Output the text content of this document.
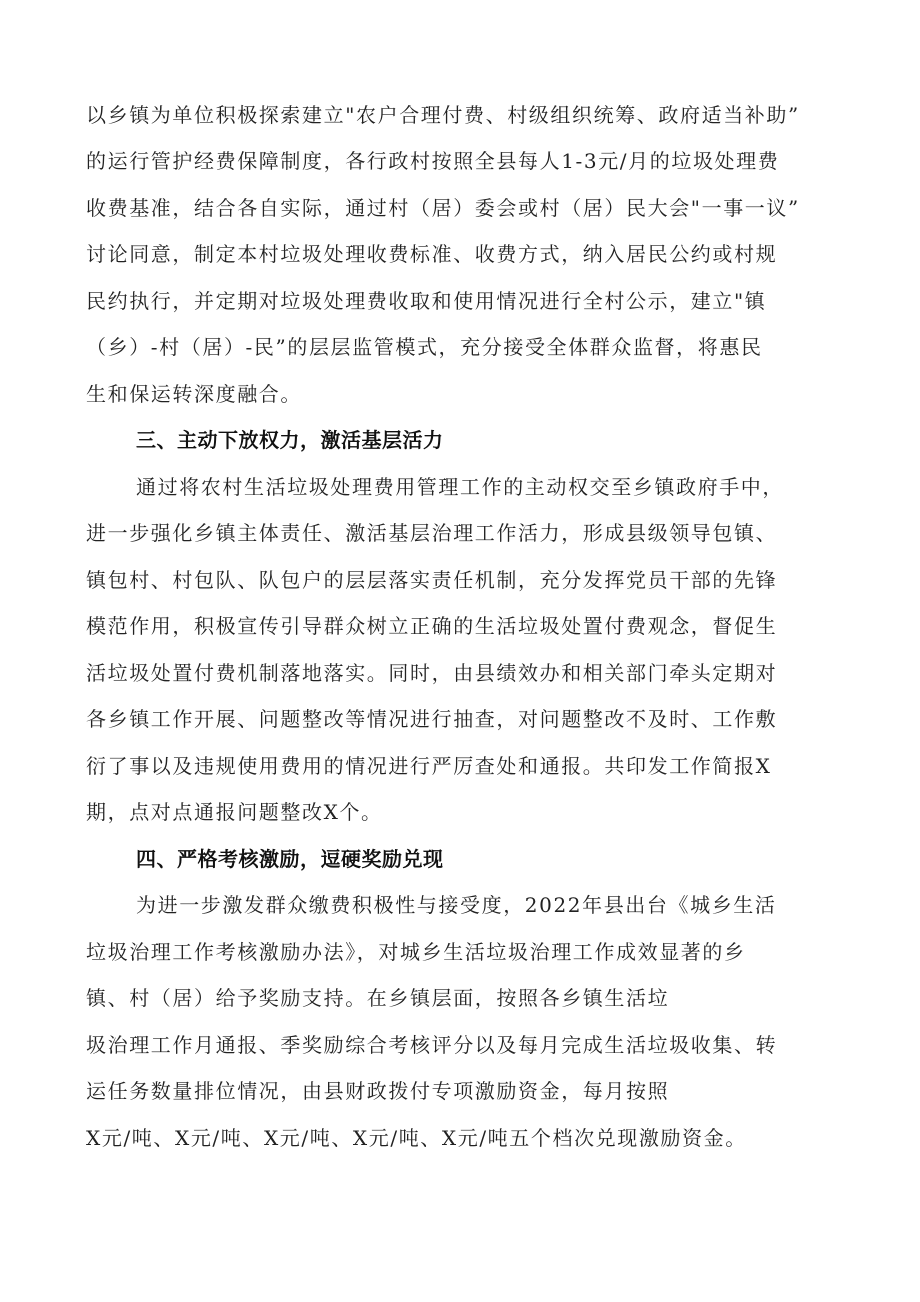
以乡镇为单位积极探索建立"农户合理付费、村级组织统筹、政府适当补助”
的运行管护经费保障制度，各行政村按照全县每人1-3元/月的垃圾处理费
收费基准，结合各自实际，通过村（居）委会或村（居）民大会"一事一议”
讨论同意，制定本村垃圾处理收费标准、收费方式，纳入居民公约或村规
民约执行，并定期对垃圾处理费收取和使用情况进行全村公示，建立"镇
（乡）-村（居）-民”的层层监管模式，充分接受全体群众监督，将惠民
生和保运转深度融合。
三、主动下放权力，激活基层活力
通过将农村生活垃圾处理费用管理工作的主动权交至乡镇政府手中，
进一步强化乡镇主体责任、激活基层治理工作活力，形成县级领导包镇、
镇包村、村包队、队包户的层层落实责任机制，充分发挥党员干部的先锋
模范作用，积极宣传引导群众树立正确的生活垃圾处置付费观念，督促生
活垃圾处置付费机制落地落实。同时，由县绩效办和相关部门牵头定期对
各乡镇工作开展、问题整改等情况进行抽查，对问题整改不及时、工作敷
衍了事以及违规使用费用的情况进行严厉查处和通报。共印发工作简报X
期，点对点通报问题整改X个。
四、严格考核激励，逗硬奖励兑现
为进一步激发群众缴费积极性与接受度，2022年县出台《城乡生活
垃圾治理工作考核激励办法》，对城乡生活垃圾治理工作成效显著的乡
镇、村（居）给予奖励支持。在乡镇层面，按照各乡镇生活垃
圾治理工作月通报、季奖励综合考核评分以及每月完成生活垃圾收集、转
运任务数量排位情况，由县财政拨付专项激励资金，每月按照
X元/吨、X元/吨、X元/吨、X元/吨、X元/吨五个档次兑现激励资金。
